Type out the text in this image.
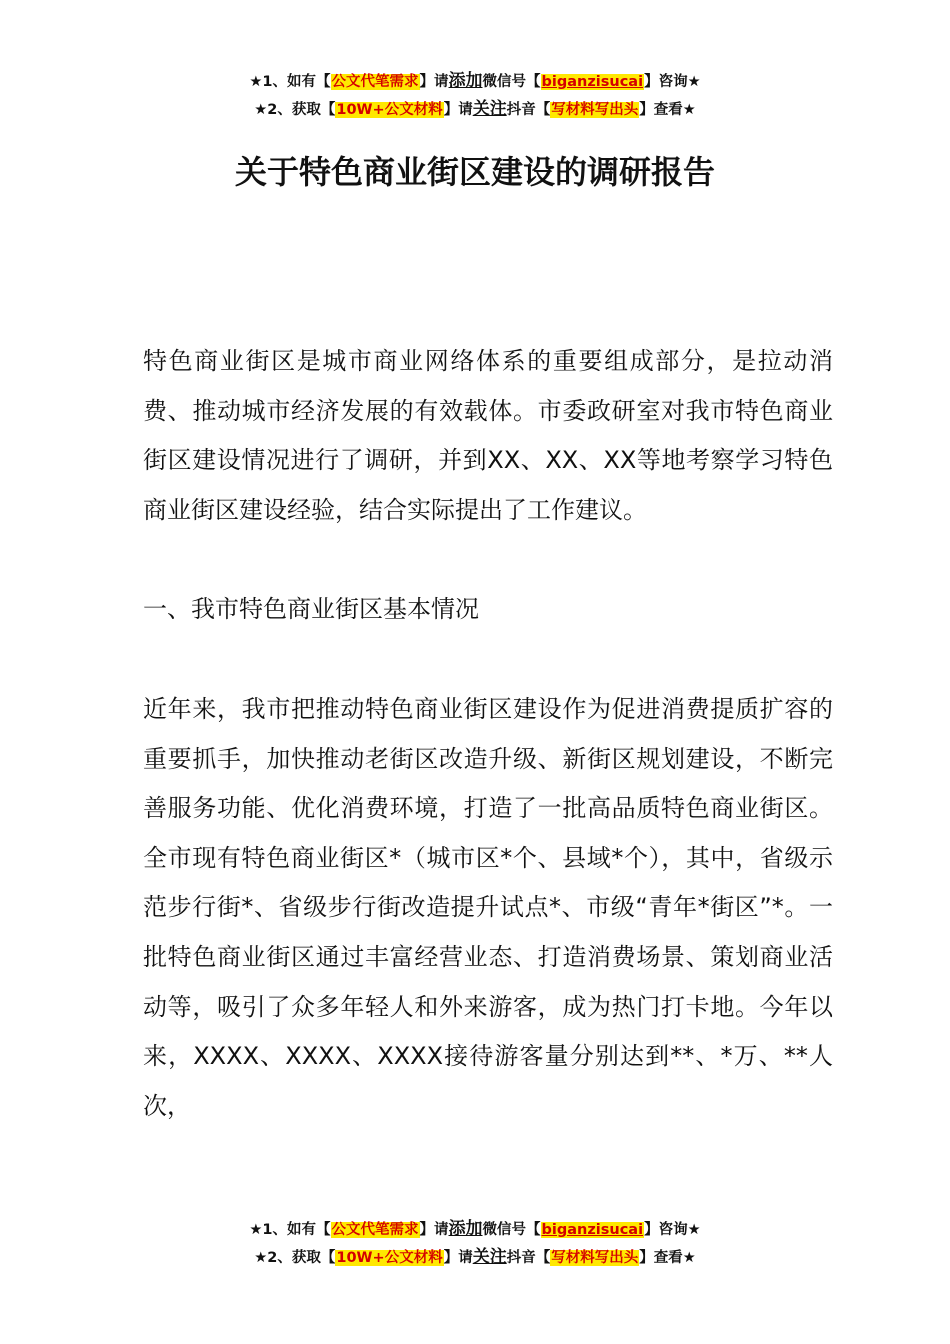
★1、如有【公文代笔需求】请添加微信号【biganzisucai】咨询★
★2、获取【10W+公文材料】请关注抖音【写材料写出头】查看★
关于特色商业街区建设的调研报告

特色商业街区是城市商业网络体系的重要组成部分，是拉动消费、推动城市经济发展的有效载体。市委政研室对我市特色商业街区建设情况进行了调研，并到XX、XX、XX等地考察学习特色商业街区建设经验，结合实际提出了工作建议。

一、我市特色商业街区基本情况

近年来，我市把推动特色商业街区建设作为促进消费提质扩容的重要抓手，加快推动老街区改造升级、新街区规划建设，不断完善服务功能、优化消费环境，打造了一批高品质特色商业街区。全市现有特色商业街区*（城市区*个、县域*个），其中，省级示范步行街*、省级步行街改造提升试点*、市级“青年*街区”*。一批特色商业街区通过丰富经营业态、打造消费场景、策划商业活动等，吸引了众多年轻人和外来游客，成为热门打卡地。今年以来，XXXX、XXXX、XXXX接待游客量分别达到**、*万、**人次，

★1、如有【公文代笔需求】请添加微信号【biganzisucai】咨询★
★2、获取【10W+公文材料】请关注抖音【写材料写出头】查看★
